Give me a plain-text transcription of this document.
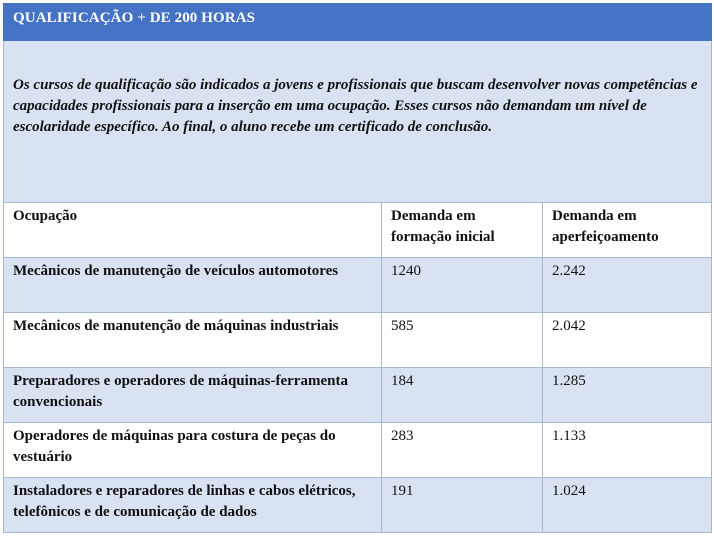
QUALIFICAÇÃO + DE 200 HORAS		

Os cursos de qualificação são indicados a jovens e profissionais que buscam desenvolver novas competências e capacidades profissionais para a inserção em uma ocupação. Esses cursos não demandam um nível de escolaridade específico. Ao final, o aluno recebe um certificado de conclusão.		

Ocupação	Demanda em formação inicial	Demanda em aperfeiçoamento

Mecânicos de manutenção de veículos automotores	1240	2.242

Mecânicos de manutenção de máquinas industriais	585	2.042

Preparadores e operadores de máquinas-ferramenta convencionais	184	1.285

Operadores de máquinas para costura de peças do vestuário	283	1.133

Instaladores e reparadores de linhas e cabos elétricos, telefônicos e de comunicação de dados	191	1.024
